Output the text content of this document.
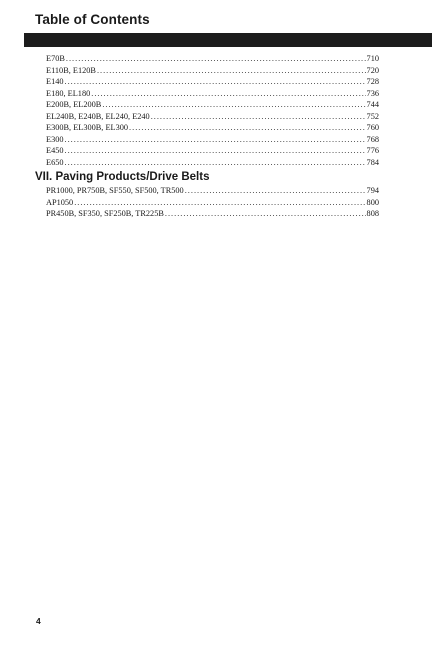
Table of Contents
E70B .....	710
E110B, E120B .....	720
E140 .....	728
E180, EL180 .....	736
E200B, EL200B .....	744
EL240B, E240B, EL240, E240 .....	752
E300B, EL300B, EL300 .....	760
E300 .....	768
E450 .....	776
E650 .....	784
VII. Paving Products/Drive Belts
PR1000, PR750B, SF550, SF500, TR500 .....	794
AP1050 .....	800
PR450B, SF350, SF250B, TR225B .....	808
4
